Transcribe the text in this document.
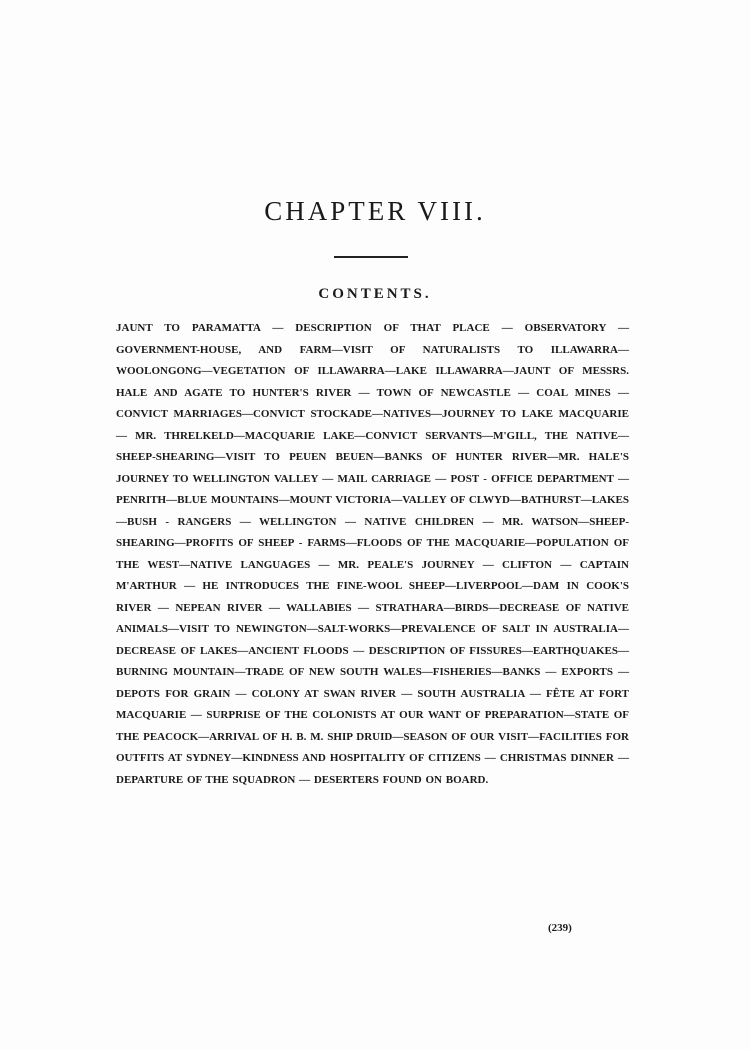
CHAPTER VIII.
CONTENTS.
JAUNT TO PARAMATTA — DESCRIPTION OF THAT PLACE — OBSERVATORY — GOVERNMENT-HOUSE, AND FARM—VISIT OF NATURALISTS TO ILLAWARRA—WOOLONGONG—VEGETATION OF ILLAWARRA—LAKE ILLAWARRA—JAUNT OF MESSRS. HALE AND AGATE TO HUNTER'S RIVER — TOWN OF NEWCASTLE — COAL MINES — CONVICT MARRIAGES—CONVICT STOCKADE—NATIVES—JOURNEY TO LAKE MACQUARIE — MR. THRELKELD—MACQUARIE LAKE—CONVICT SERVANTS—M'GILL, THE NATIVE—SHEEP-SHEARING—VISIT TO PEUEN BEUEN—BANKS OF HUNTER RIVER—MR. HALE'S JOURNEY TO WELLINGTON VALLEY — MAIL CARRIAGE — POST - OFFICE DEPARTMENT — PENRITH—BLUE MOUNTAINS—MOUNT VICTORIA—VALLEY OF CLWYD—BATHURST—LAKES—BUSH - RANGERS — WELLINGTON — NATIVE CHILDREN — MR. WATSON—SHEEP-SHEARING—PROFITS OF SHEEP - FARMS—FLOODS OF THE MACQUARIE—POPULATION OF THE WEST—NATIVE LANGUAGES — MR. PEALE'S JOURNEY — CLIFTON — CAPTAIN M'ARTHUR — HE INTRODUCES THE FINE-WOOL SHEEP—LIVERPOOL—DAM IN COOK'S RIVER — NEPEAN RIVER — WALLABIES — STRATHARA—BIRDS—DECREASE OF NATIVE ANIMALS—VISIT TO NEWINGTON—SALT-WORKS—PREVALENCE OF SALT IN AUSTRALIA—DECREASE OF LAKES—ANCIENT FLOODS — DESCRIPTION OF FISSURES—EARTHQUAKES—BURNING MOUNTAIN—TRADE OF NEW SOUTH WALES—FISHERIES—BANKS — EXPORTS — DEPOTS FOR GRAIN — COLONY AT SWAN RIVER — SOUTH AUSTRALIA — FÊTE AT FORT MACQUARIE — SURPRISE OF THE COLONISTS AT OUR WANT OF PREPARATION—STATE OF THE PEACOCK—ARRIVAL OF H. B. M. SHIP DRUID—SEASON OF OUR VISIT—FACILITIES FOR OUTFITS AT SYDNEY—KINDNESS AND HOSPITALITY OF CITIZENS — CHRISTMAS DINNER — DEPARTURE OF THE SQUADRON — DESERTERS FOUND ON BOARD.
(239)
